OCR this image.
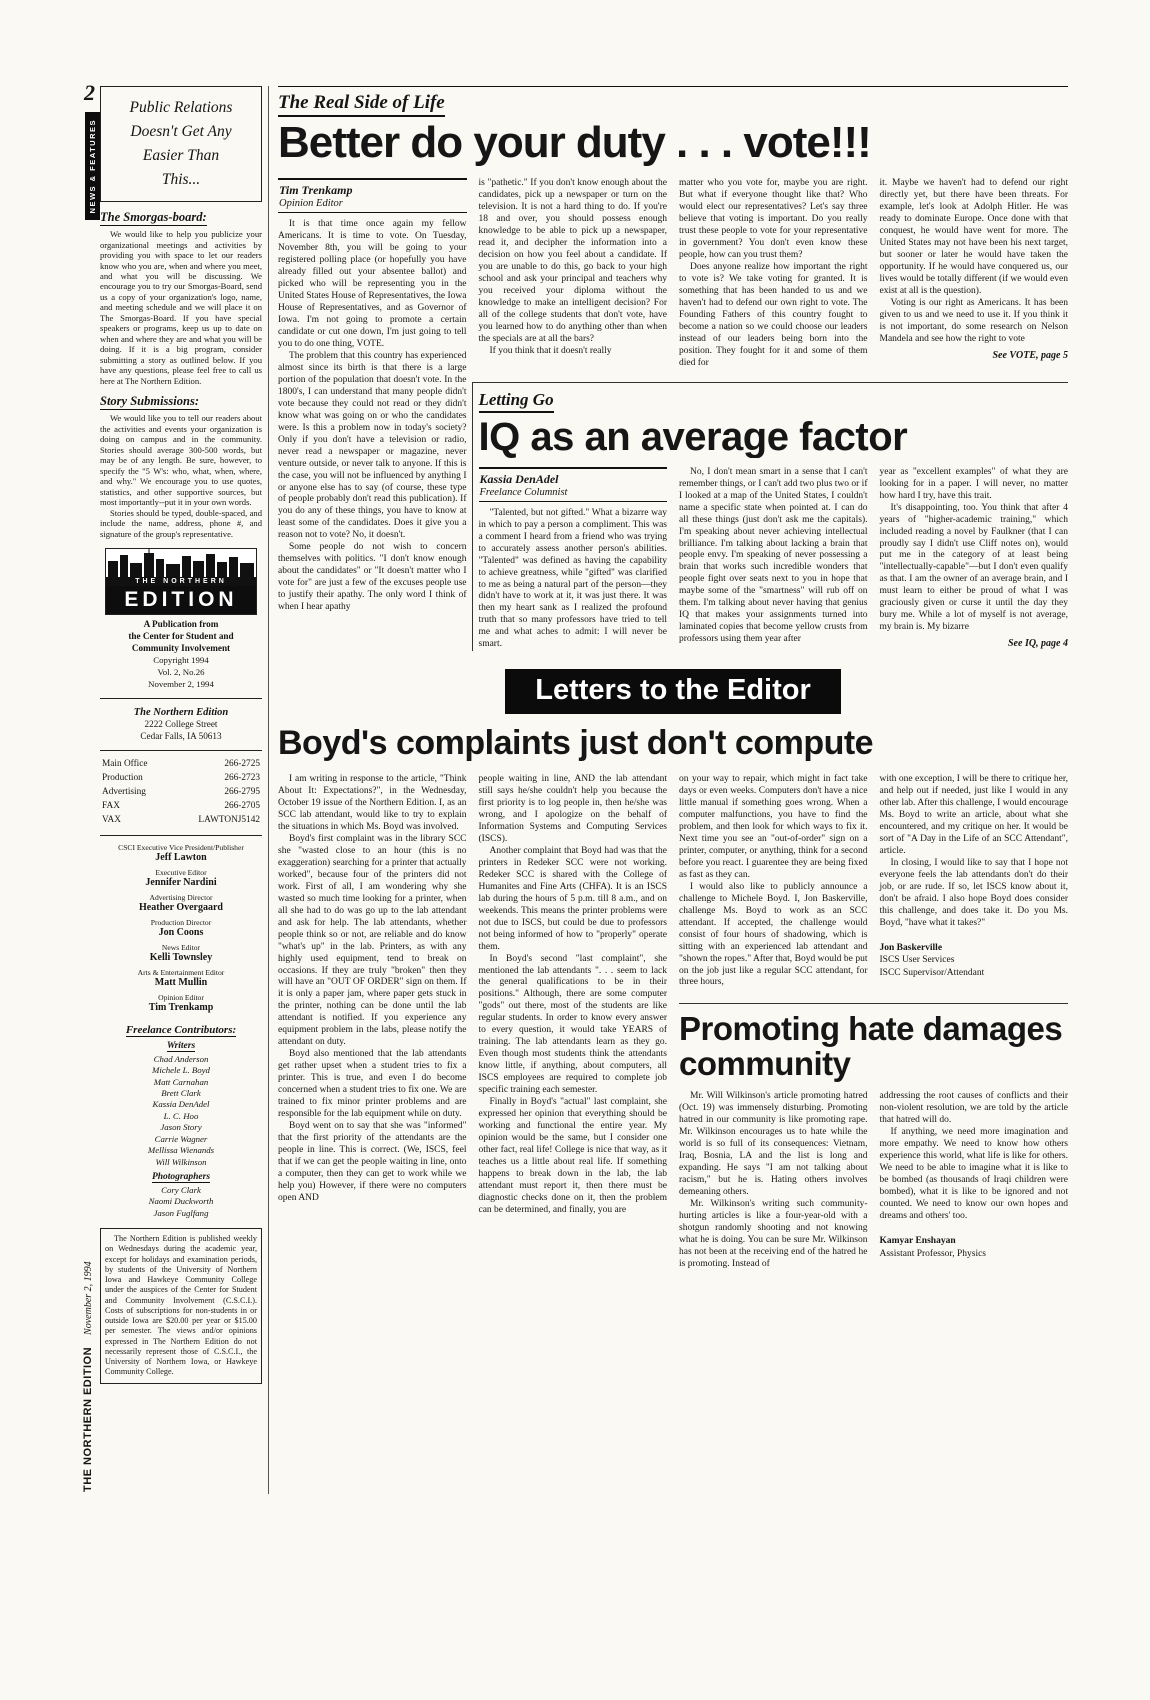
2
NEWS & FEATURES
THE NORTHERN EDITION
November 2, 1994
Public Relations
Doesn't Get Any
Easier Than
This...
The Smorgas-board:

We would like to help you publicize your organizational meetings and activities by providing you with space to let our readers know who you are, when and where you meet, and what you will be discussing. We encourage you to try our Smorgas-Board, send us a copy of your organization's logo, name, and meeting schedule and we will place it on The Smorgas-Board. If you have special speakers or programs, keep us up to date on when and where they are and what you will be doing. If it is a big program, consider submitting a story as outlined below. If you have any questions, please feel free to call us here at The Northern Edition.

Story Submissions:

We would like you to tell our readers about the activities and events your organization is doing on campus and in the community. Stories should average 300-500 words, but may be of any length. Be sure, however, to specify the "5 W's: who, what, when, where, and why." We encourage you to use quotes, statistics, and other supportive sources, but most importantly--put it in your own words.

Stories should be typed, double-spaced, and include the name, address, phone #, and signature of the group's representative.

THE NORTHERN
EDITION
A Publication from
the Center for Student and
Community Involvement
Copyright 1994
Vol. 2, No.26
November 2, 1994
The Northern Edition
2222 College Street
Cedar Falls, IA 50613
Main Office	266-2725
Production	266-2723
Advertising	266-2795
FAX	266-2705
VAX	LAWTONJ5142
CSCI Executive Vice President/Publisher
Jeff Lawton
Executive Editor
Jennifer Nardini
Advertising Director
Heather Overgaard
Production Director
Jon Coons
News Editor
Kelli Townsley
Arts & Entertainment Editor
Matt Mullin
Opinion Editor
Tim Trenkamp
Freelance Contributors:
Writers
Chad Anderson
Michele L. Boyd
Matt Carnahan
Brett Clark
Kassia DenAdel
L. C. Hoo
Jason Story
Carrie Wagner
Mellissa Wienands
Will Wilkinson
Photographers
Cory Clark
Naomi Duckworth
Jason Fuglfang

The Northern Edition is published weekly on Wednesdays during the academic year, except for holidays and examination periods, by students of the University of Northern Iowa and Hawkeye Community College under the auspices of the Center for Student and Community Involvement (C.S.C.I.). Costs of subscriptions for non-students in or outside Iowa are $20.00 per year or $15.00 per semester. The views and/or opinions expressed in The Northern Edition do not necessarily represent those of C.S.C.I., the University of Northern Iowa, or Hawkeye Community College.

The Real Side of Life
Better do your duty . . . vote!!!
Tim Trenkamp
Opinion Editor

It is that time once again my fellow Americans. It is time to vote. On Tuesday, November 8th, you will be going to your registered polling place (or hopefully you have already filled out your absentee ballot) and picked who will be representing you in the United States House of Representatives, the Iowa House of Representatives, and as Governor of Iowa. I'm not going to promote a certain candidate or cut one down, I'm just going to tell you to do one thing, VOTE.

The problem that this country has experienced almost since its birth is that there is a large portion of the population that doesn't vote. In the 1800's, I can understand that many people didn't vote because they could not read or they didn't know what was going on or who the candidates were. Is this a problem now in today's society? Only if you don't have a television or radio, never read a newspaper or magazine, never venture outside, or never talk to anyone. If this is the case, you will not be influenced by anything I or anyone else has to say (of course, these type of people probably don't read this publication). If you do any of these things, you have to know at least some of the candidates. Does it give you a reason not to vote? No, it doesn't.

Some people do not wish to concern themselves with politics. "I don't know enough about the candidates" or "It doesn't matter who I vote for" are just a few of the excuses people use to justify their apathy. The only word I think of when I hear apathy

is "pathetic." If you don't know enough about the candidates, pick up a newspaper or turn on the television. It is not a hard thing to do. If you're 18 and over, you should possess enough knowledge to be able to pick up a newspaper, read it, and decipher the information into a decision on how you feel about a candidate. If you are unable to do this, go back to your high school and ask your principal and teachers why you received your diploma without the knowledge to make an intelligent decision? For all of the college students that don't vote, have you learned how to do anything other than when the specials are at all the bars?

If you think that it doesn't really

matter who you vote for, maybe you are right. But what if everyone thought like that? Who would elect our representatives? Let's say three believe that voting is important. Do you really trust these people to vote for your representative in government? You don't even know these people, how can you trust them?

Does anyone realize how important the right to vote is? We take voting for granted. It is something that has been handed to us and we haven't had to defend our own right to vote. The Founding Fathers of this country fought to become a nation so we could choose our leaders instead of our leaders being born into the position. They fought for it and some of them died for

it. Maybe we haven't had to defend our right directly yet, but there have been threats. For example, let's look at Adolph Hitler. He was ready to dominate Europe. Once done with that conquest, he would have went for more. The United States may not have been his next target, but sooner or later he would have taken the opportunity. If he would have conquered us, our lives would be totally different (if we would even exist at all is the question).

Voting is our right as Americans. It has been given to us and we need to use it. If you think it is not important, do some research on Nelson Mandela and see how the right to vote

See VOTE, page 5
Letting Go
IQ as an average factor
Kassia DenAdel
Freelance Columnist

"Talented, but not gifted." What a bizarre way in which to pay a person a compliment. This was a comment I heard from a friend who was trying to accurately assess another person's abilities. "Talented" was defined as having the capability to achieve greatness, while "gifted" was clarified to me as being a natural part of the person—they didn't have to work at it, it was just there. It was then my heart sank as I realized the profound truth that so many professors have tried to tell me and what aches to admit: I will never be smart.

No, I don't mean smart in a sense that I can't remember things, or I can't add two plus two or if I looked at a map of the United States, I couldn't name a specific state when pointed at. I can do all these things (just don't ask me the capitals). I'm speaking about never achieving intellectual brilliance. I'm talking about lacking a brain that people envy. I'm speaking of never possessing a brain that works such incredible wonders that people fight over seats next to you in hope that maybe some of the "smartness" will rub off on them. I'm talking about never having that genius IQ that makes your assignments turned into laminated copies that become yellow crusts from professors using them year after

year as "excellent examples" of what they are looking for in a paper. I will never, no matter how hard I try, have this trait.

It's disappointing, too. You think that after 4 years of "higher-academic training," which included reading a novel by Faulkner (that I can proudly say I didn't use Cliff notes on), would put me in the category of at least being "intellectually-capable"—but I don't even qualify as that. I am the owner of an average brain, and I must learn to either be proud of what I was graciously given or curse it until the day they bury me. While a lot of myself is not average, my brain is. My bizarre

See IQ, page 4
Letters to the Editor
Boyd's complaints just don't compute

I am writing in response to the article, "Think About It: Expectations?", in the Wednesday, October 19 issue of the Northern Edition. I, as an SCC lab attendant, would like to try to explain the situations in which Ms. Boyd was involved.

Boyd's first complaint was in the library SCC she "wasted close to an hour (this is no exaggeration) searching for a printer that actually worked", because four of the printers did not work. First of all, I am wondering why she wasted so much time looking for a printer, when all she had to do was go up to the lab attendant and ask for help. The lab attendants, whether people think so or not, are reliable and do know "what's up" in the lab. Printers, as with any highly used equipment, tend to break on occasions. If they are truly "broken" then they will have an "OUT OF ORDER" sign on them. If it is only a paper jam, where paper gets stuck in the printer, nothing can be done until the lab attendant is notified. If you experience any equipment problem in the labs, please notify the attendant on duty.

Boyd also mentioned that the lab attendants get rather upset when a student tries to fix a printer. This is true, and even I do become concerned when a student tries to fix one. We are trained to fix minor printer problems and are responsible for the lab equipment while on duty.

Boyd went on to say that she was "informed" that the first priority of the attendants are the people in line. This is correct. (We, ISCS, feel that if we can get the people waiting in line, onto a computer, then they can get to work while we help you) However, if there were no computers open AND

people waiting in line, AND the lab attendant still says he/she couldn't help you because the first priority is to log people in, then he/she was wrong, and I apologize on the behalf of Information Systems and Computing Services (ISCS).

Another complaint that Boyd had was that the printers in Redeker SCC were not working. Redeker SCC is shared with the College of Humanites and Fine Arts (CHFA). It is an ISCS lab during the hours of 5 p.m. till 8 a.m., and on weekends. This means the printer problems were not due to ISCS, but could be due to professors not being informed of how to "properly" operate them.

In Boyd's second "last complaint", she mentioned the lab attendants ". . . seem to lack the general qualifications to be in their positions." Although, there are some computer "gods" out there, most of the students are like regular students. In order to know every answer to every question, it would take YEARS of training. The lab attendants learn as they go. Even though most students think the attendants know little, if anything, about computers, all ISCS employees are required to complete job specific training each semester.

Finally in Boyd's "actual" last complaint, she expressed her opinion that everything should be working and functional the entire year. My opinion would be the same, but I consider one other fact, real life! College is nice that way, as it teaches us a little about real life. If something happens to break down in the lab, the lab attendant must report it, then there must be diagnostic checks done on it, then the problem can be determined, and finally, you are

on your way to repair, which might in fact take days or even weeks. Computers don't have a nice little manual if something goes wrong. When a computer malfunctions, you have to find the problem, and then look for which ways to fix it. Next time you see an "out-of-order" sign on a printer, computer, or anything, think for a second before you react. I guarentee they are being fixed as fast as they can.

I would also like to publicly announce a challenge to Michele Boyd. I, Jon Baskerville, challenge Ms. Boyd to work as an SCC attendant. If accepted, the challenge would consist of four hours of shadowing, which is sitting with an experienced lab attendant and "shown the ropes." After that, Boyd would be put on the job just like a regular SCC attendant, for three hours,

with one exception, I will be there to critique her, and help out if needed, just like I would in any other lab. After this challenge, I would encourage Ms. Boyd to write an article, about what she encountered, and my critique on her. It would be sort of "A Day in the Life of an SCC Attendant", article.

In closing, I would like to say that I hope not everyone feels the lab attendants don't do their job, or are rude. If so, let ISCS know about it, don't be afraid. I also hope Boyd does consider this challenge, and does take it. Do you Ms. Boyd, "have what it takes?"

Jon Baskerville
ISCS User Services
ISCC Supervisor/Attendant
Promoting hate damages community

Mr. Will Wilkinson's article promoting hatred (Oct. 19) was immensely disturbing. Promoting hatred in our community is like promoting rape. Mr. Wilkinson encourages us to hate while the world is so full of its consequences: Vietnam, Iraq, Bosnia, LA and the list is long and expanding. He says "I am not talking about racism," but he is. Hating others involves demeaning others.

Mr. Wilkinson's writing such community-hurting articles is like a four-year-old with a shotgun randomly shooting and not knowing what he is doing. You can be sure Mr. Wilkinson has not been at the receiving end of the hatred he is promoting. Instead of

addressing the root causes of conflicts and their non-violent resolution, we are told by the article that hatred will do.

If anything, we need more imagination and more empathy. We need to know how others experience this world, what life is like for others. We need to be able to imagine what it is like to be bombed (as thousands of Iraqi children were bombed), what it is like to be ignored and not counted. We need to know our own hopes and dreams and others' too.

Kamyar Enshayan
Assistant Professor, Physics
